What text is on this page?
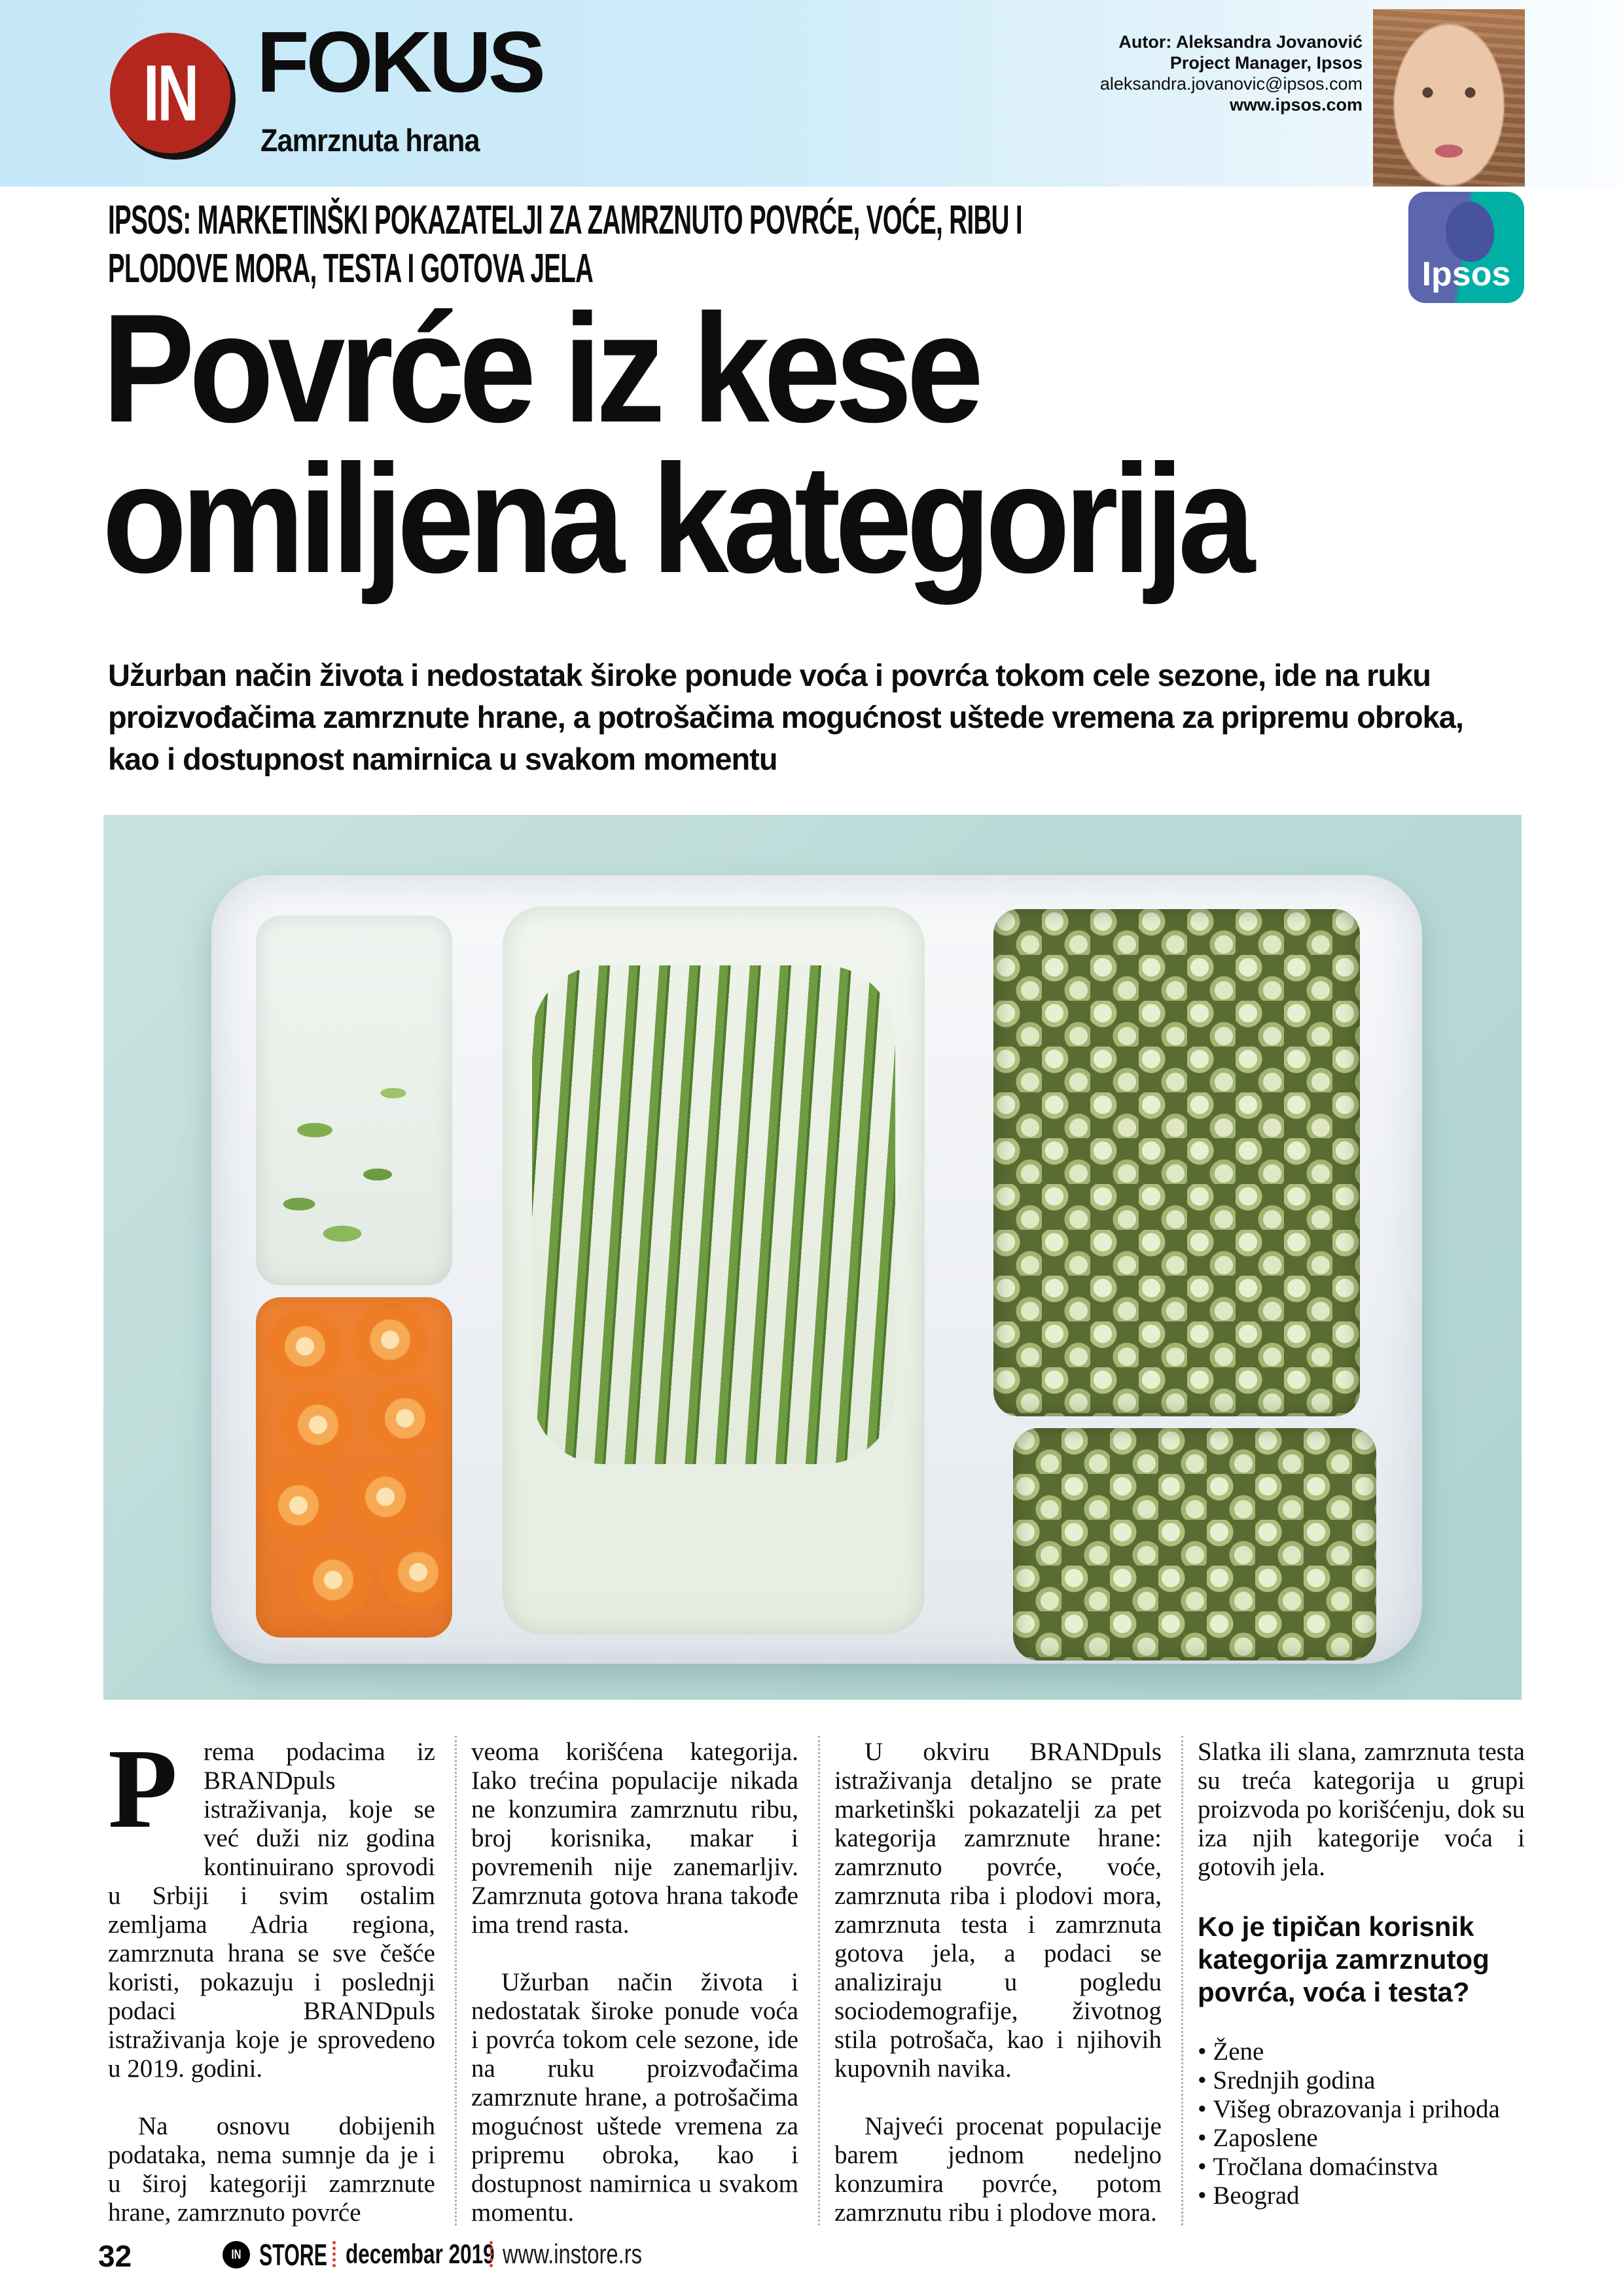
IN FOKUS
Zamrznuta hrana
Autor: Aleksandra Jovanović
Project Manager, Ipsos
aleksandra.jovanovic@ipsos.com
www.ipsos.com
Ipsos
IPSOS: MARKETINŠKI POKAZATELJI ZA ZAMRZNUTO POVRĆE, VOĆE, RIBU I
PLODOVE MORA, TESTA I GOTOVA JELA
Povrće iz kese
omiljena kategorija
Užurban način života i nedostatak široke ponude voća i povrća tokom cele sezone, ide na ruku proizvođačima zamrznute hrane, a potrošačima mogućnost uštede vremena za pripremu obroka, kao i dostupnost namirnica u svakom momentu

P	rema podacima iz BRANDpuls istraživanja, koje se već duži niz godina kontinuirano sprovodi u Srbiji i svim ostalim zemljama Adria regiona, zamrznuta hrana se sve češće koristi, pokazuju i poslednji podaci BRANDpuls istraživanja koje je sprovedeno u 2019. godini.

Na osnovu dobijenih podataka, nema sumnje da je i u široj kategoriji zamrznute hrane, zamrznuto povrće

veoma korišćena kategorija. Iako trećina populacije nikada ne konzumira zamrznutu ribu, broj korisnika, makar i povremenih nije zanemarljiv. Zamrznuta gotova hrana takođe ima trend rasta.

Užurban način života i nedostatak široke ponude voća i povrća tokom cele sezone, ide na ruku proizvođačima zamrznute hrane, a potrošačima mogućnost uštede vremena za pripremu obroka, kao i dostupnost namirnica u svakom momentu.

U okviru BRANDpuls istraživanja detaljno se prate marketinški pokazatelji za pet kategorija zamrznute hrane: zamrznuto povrće, voće, zamrznuta riba i plodovi mora, zamrznuta testa i zamrznuta gotova jela, a podaci se analiziraju u pogledu sociodemografije, životnog stila potrošača, kao i njihovih kupovnih navika.

Najveći procenat populacije barem jednom nedeljno konzumira povrće, potom zamrznutu ribu i plodove mora.

Slatka ili slana, zamrznuta testa su treća kategorija u grupi proizvoda po korišćenju, dok su iza njih kategorije voća i gotovih jela.

Ko je tipičan korisnik kategorija zamrznutog povrća, voća i testa?

• Žene
• Srednjih godina
• Višeg obrazovanja i prihoda
• Zaposlene
• Tročlana domaćinstva
• Beograd
32	IN STORE decembar 2019 www.instore.rs
